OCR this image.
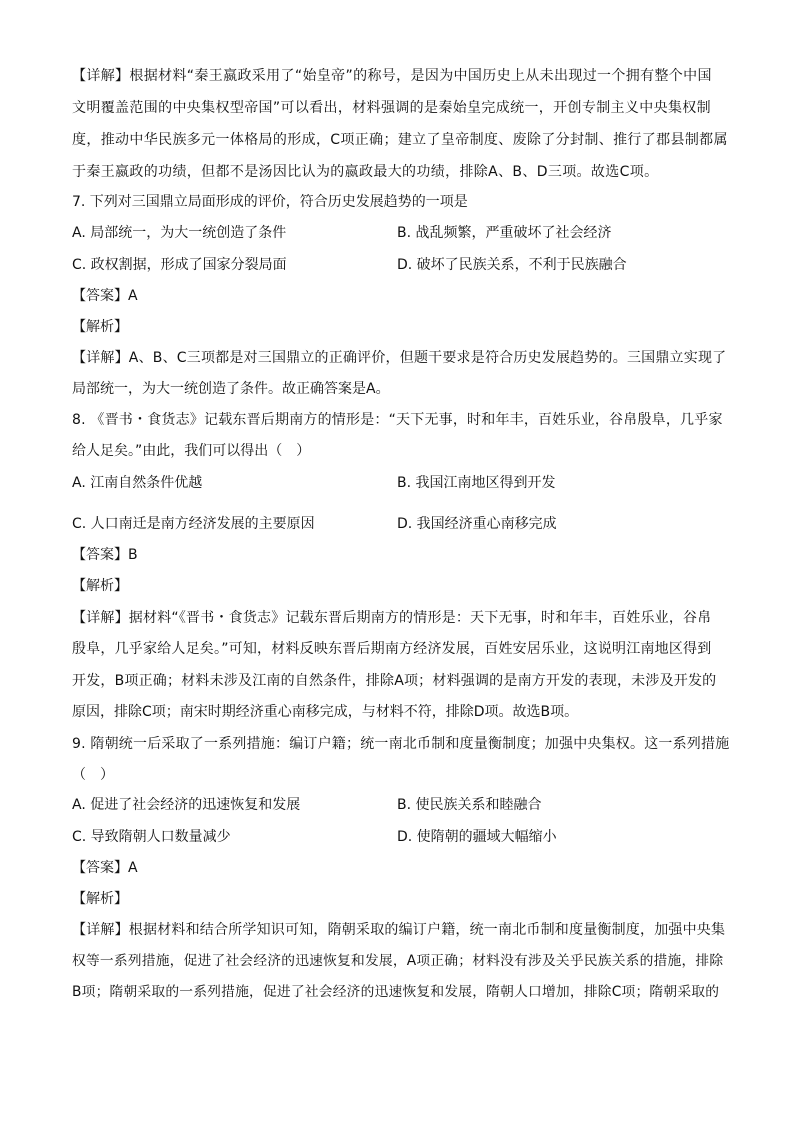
【详解】根据材料“秦王嬴政采用了“始皇帝”的称号，是因为中国历史上从未出现过一个拥有整个中国
文明覆盖范围的中央集权型帝国”可以看出，材料强调的是秦始皇完成统一，开创专制主义中央集权制
度，推动中华民族多元一体格局的形成，C项正确；建立了皇帝制度、废除了分封制、推行了郡县制都属
于秦王嬴政的功绩，但都不是汤因比认为的嬴政最大的功绩，排除A、B、D三项。故选C项。
7. 下列对三国鼎立局面形成的评价，符合历史发展趋势的一项是
A. 局部统一，为大一统创造了条件	B. 战乱频繁，严重破坏了社会经济
C. 政权割据，形成了国家分裂局面	D. 破坏了民族关系，不利于民族融合
【答案】A
【解析】
【详解】A、B、C三项都是对三国鼎立的正确评价，但题干要求是符合历史发展趋势的。三国鼎立实现了
局部统一，为大一统创造了条件。故正确答案是A。
8. 《晋书・食货志》记载东晋后期南方的情形是：“天下无事，时和年丰，百姓乐业，谷帛殷阜，几乎家
给人足矣。”由此，我们可以得出（　）
A. 江南自然条件优越	B. 我国江南地区得到开发
C. 人口南迁是南方经济发展的主要原因	D. 我国经济重心南移完成
【答案】B
【解析】
【详解】据材料“《晋书・食货志》记载东晋后期南方的情形是：天下无事，时和年丰，百姓乐业，谷帛
殷阜，几乎家给人足矣。”可知，材料反映东晋后期南方经济发展，百姓安居乐业，这说明江南地区得到
开发，B项正确；材料未涉及江南的自然条件，排除A项；材料强调的是南方开发的表现，未涉及开发的
原因，排除C项；南宋时期经济重心南移完成，与材料不符，排除D项。故选B项。
9. 隋朝统一后采取了一系列措施：编订户籍；统一南北币制和度量衡制度；加强中央集权。这一系列措施
（　）
A. 促进了社会经济的迅速恢复和发展	B. 使民族关系和睦融合
C. 导致隋朝人口数量减少	D. 使隋朝的疆域大幅缩小
【答案】A
【解析】
【详解】根据材料和结合所学知识可知，隋朝采取的编订户籍，统一南北币制和度量衡制度，加强中央集
权等一系列措施，促进了社会经济的迅速恢复和发展，A项正确；材料没有涉及关乎民族关系的措施，排除
B项；隋朝采取的一系列措施，促进了社会经济的迅速恢复和发展，隋朝人口增加，排除C项；隋朝采取的
